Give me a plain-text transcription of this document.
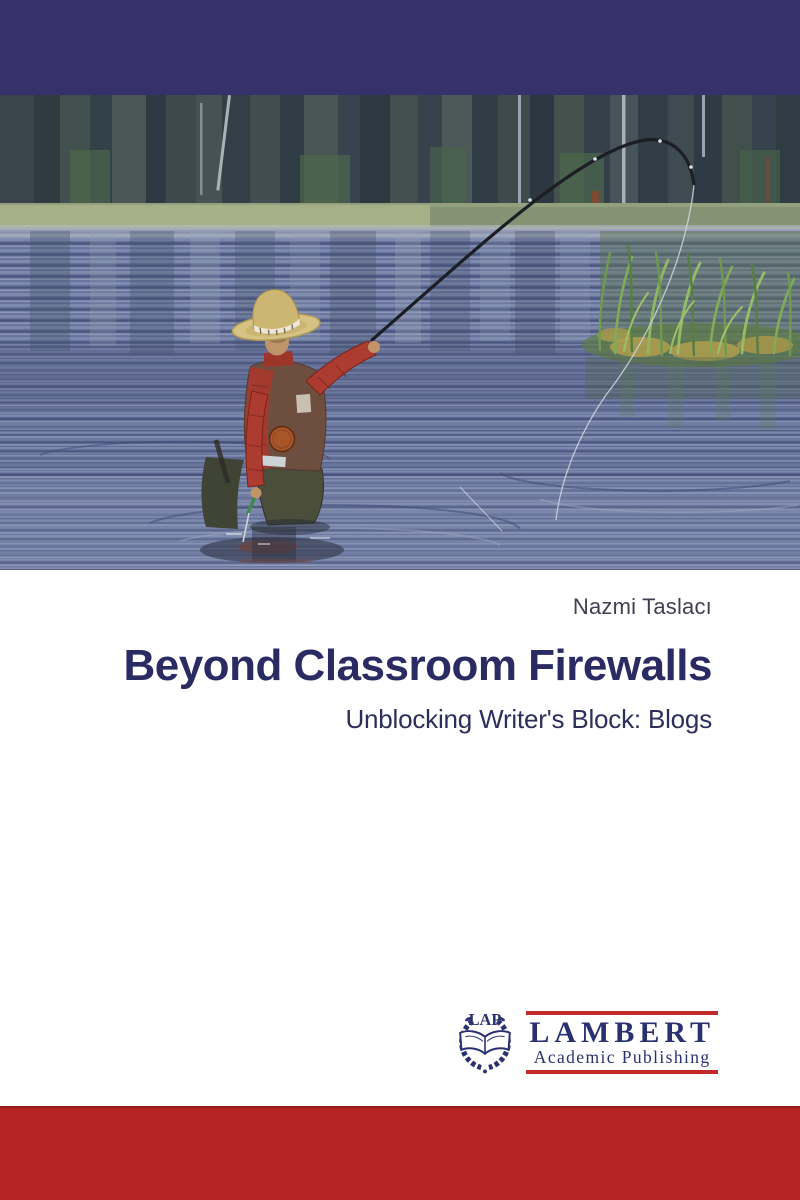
Nazmi Taslacı
Beyond Classroom Firewalls
Unblocking Writer's Block: Blogs
LAP LAMBERT
Academic Publishing
